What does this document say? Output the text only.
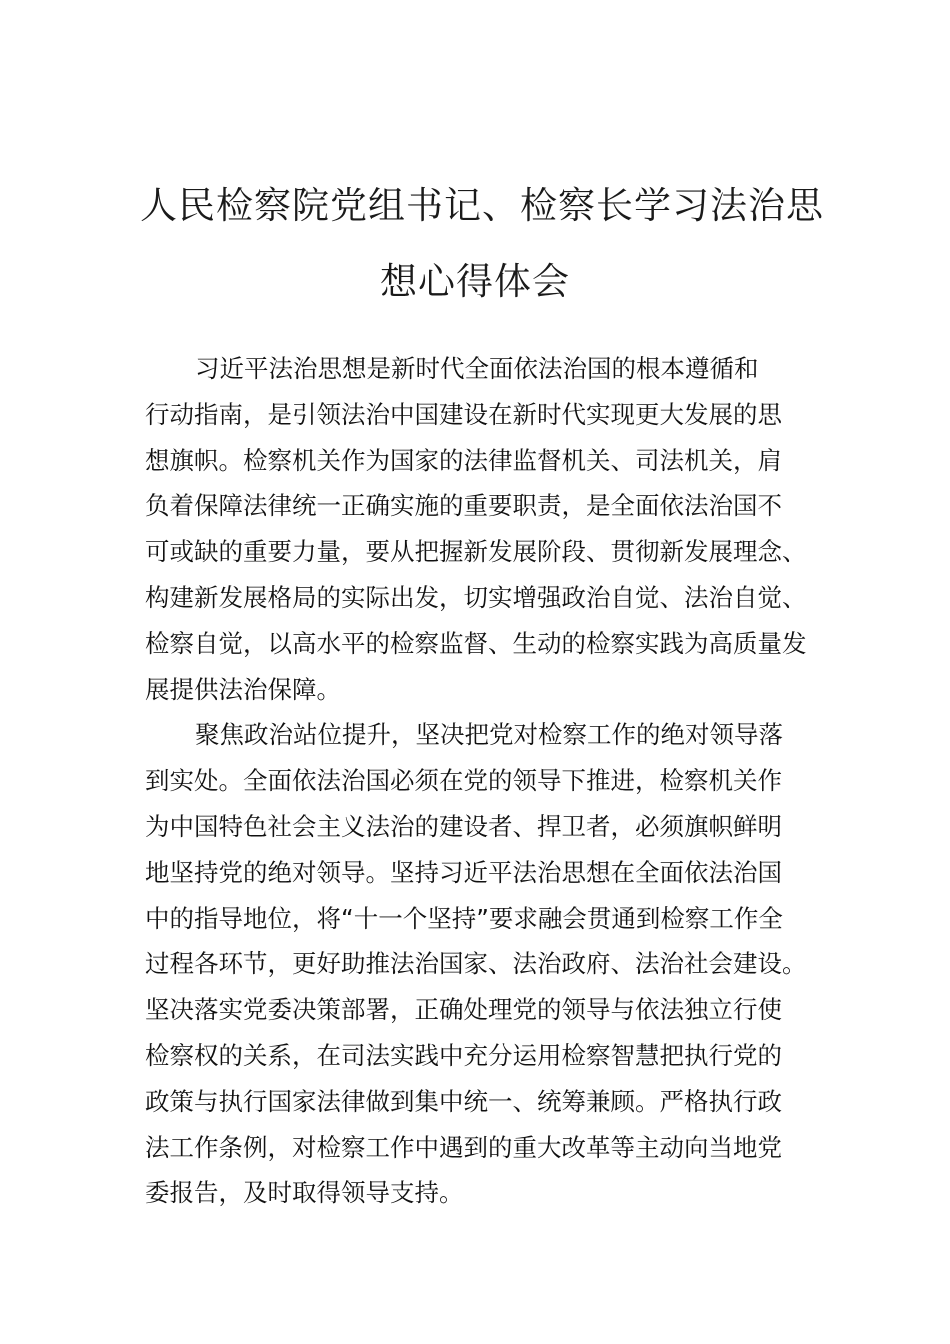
人民检察院党组书记、检察长学习法治思
想心得体会
习近平法治思想是新时代全面依法治国的根本遵循和
行动指南，是引领法治中国建设在新时代实现更大发展的思
想旗帜。检察机关作为国家的法律监督机关、司法机关，肩
负着保障法律统一正确实施的重要职责，是全面依法治国不
可或缺的重要力量，要从把握新发展阶段、贯彻新发展理念、
构建新发展格局的实际出发，切实增强政治自觉、法治自觉、
检察自觉，以高水平的检察监督、生动的检察实践为高质量发
展提供法治保障。
聚焦政治站位提升，坚决把党对检察工作的绝对领导落
到实处。全面依法治国必须在党的领导下推进，检察机关作
为中国特色社会主义法治的建设者、捍卫者，必须旗帜鲜明
地坚持党的绝对领导。坚持习近平法治思想在全面依法治国
中的指导地位，将“十一个坚持”要求融会贯通到检察工作全
过程各环节，更好助推法治国家、法治政府、法治社会建设。
坚决落实党委决策部署，正确处理党的领导与依法独立行使
检察权的关系，在司法实践中充分运用检察智慧把执行党的
政策与执行国家法律做到集中统一、统筹兼顾。严格执行政
法工作条例，对检察工作中遇到的重大改革等主动向当地党
委报告，及时取得领导支持。
